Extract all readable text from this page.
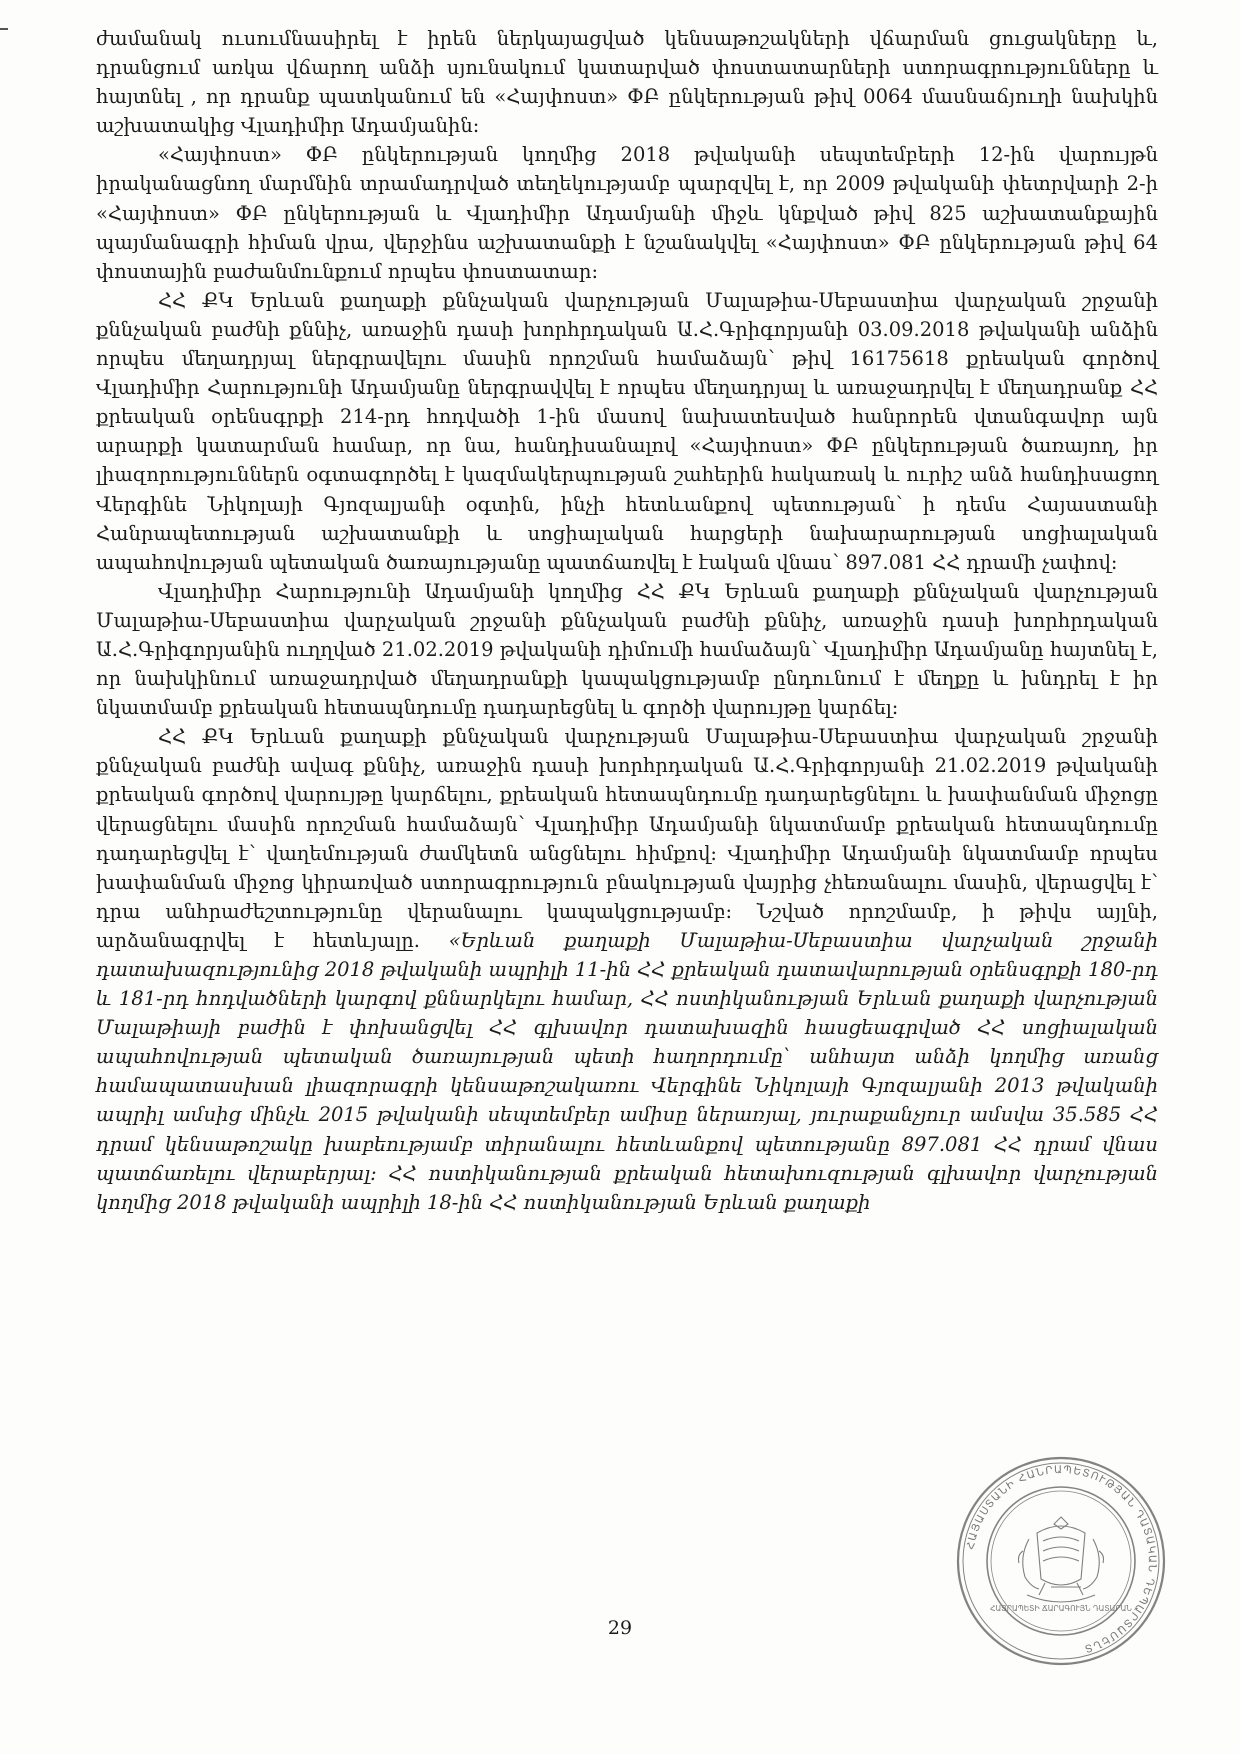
ժամանակ ուսումնասիրել է իրեն ներկայացված կենսաթոշակների վճարման ցուցակները և, դրանցում առկա վճարող անձի սյունակում կատարված փոստատարների ստորագրությունները և հայտնել , որ դրանք պատկանում են «Հայփոստ» ՓԲ ընկերության թիվ 0064 մասնաճյուղի նախկին աշխատակից Վլադիմիր Ադամյանին:

«Հայփոստ» ՓԲ ընկերության կողմից 2018 թվականի սեպտեմբերի 12-ին վարույթն իրականացնող մարմնին տրամադրված տեղեկությամբ պարզվել է, որ 2009 թվականի փետրվարի 2-ի «Հայփոստ» ՓԲ ընկերության և Վլադիմիր Ադամյանի միջև կնքված թիվ 825 աշխատանքային պայմանագրի հիման վրա, վերջինս աշխատանքի է նշանակվել «Հայփոստ» ՓԲ ընկերության թիվ 64 փոստային բաժանմունքում որպես փոստատար:

ՀՀ ՔԿ Երևան քաղաքի քննչական վարչության Մալաթիա-Սեբաստիա վարչական շրջանի քննչական բաժնի քննիչ, առաջին դասի խորհրդական Ա.Հ.Գրիգորյանի 03.09.2018 թվականի անձին որպես մեղադրյալ ներգրավելու մասին որոշման համաձայն՝ թիվ 16175618 քրեական գործով Վլադիմիր Հարությունի Ադամյանը ներգրավվել է որպես մեղադրյալ և առաջադրվել է մեղադրանք ՀՀ քրեական օրենսգրքի 214-րդ հոդվածի 1-ին մասով նախատեսված հանրորեն վտանգավոր այն արարքի կատարման համար, որ նա, հանդիսանալով «Հայփոստ» ՓԲ ընկերության ծառայող, իր լիազորություններն օգտագործել է կազմակերպության շահերին հակառակ և ուրիշ անձ հանդիսացող Վերգինե Նիկոլայի Գյոզալյանի օգտին, ինչի հետևանքով պետության՝ ի դեմս Հայաստանի Հանրապետության աշխատանքի և սոցիալական հարցերի նախարարության սոցիալական ապահովության պետական ծառայությանը պատճառվել է էական վնաս՝ 897.081 ՀՀ դրամի չափով:

Վլադիմիր Հարությունի Ադամյանի կողմից ՀՀ ՔԿ Երևան քաղաքի քննչական վարչության Մալաթիա-Սեբաստիա վարչական շրջանի քննչական բաժնի քննիչ, առաջին դասի խորհրդական Ա.Հ.Գրիգորյանին ուղղված 21.02.2019 թվականի դիմումի համաձայն՝ Վլադիմիր Ադամյանը հայտնել է, որ նախկինում առաջադրված մեղադրանքի կապակցությամբ ընդունում է մեղքը և խնդրել է իր նկատմամբ քրեական հետապնդումը դադարեցնել և գործի վարույթը կարճել:

ՀՀ ՔԿ Երևան քաղաքի քննչական վարչության Մալաթիա-Սեբաստիա վարչական շրջանի քննչական բաժնի ավագ քննիչ, առաջին դասի խորհրդական Ա.Հ.Գրիգորյանի 21.02.2019 թվականի քրեական գործով վարույթը կարճելու, քրեական հետապնդումը դադարեցնելու և խափանման միջոցը վերացնելու մասին որոշման համաձայն՝ Վլադիմիր Ադամյանի նկատմամբ քրեական հետապնդումը դադարեցվել է՝ վաղեմության ժամկետն անցնելու հիմքով: Վլադիմիր Ադամյանի նկատմամբ որպես խափանման միջոց կիրառված ստորագրություն բնակության վայրից չհեռանալու մասին, վերացվել է՝ դրա անհրաժեշտությունը վերանալու կապակցությամբ: Նշված որոշմամբ, ի թիվս այլնի, արձանագրվել է հետևյալը. «Երևան քաղաքի Մալաթիա-Սեբաստիա վարչական շրջանի դատախազությունից 2018 թվականի ապրիլի 11-ին ՀՀ քրեական դատավարության օրենսգրքի 180-րդ և 181-րդ հոդվածների կարգով քննարկելու համար, ՀՀ ոստիկանության Երևան քաղաքի վարչության Մալաթիայի բաժին է փոխանցվել ՀՀ գլխավոր դատախազին հասցեագրված ՀՀ սոցիալական ապահովության պետական ծառայության պետի հաղորդումը՝ անհայտ անձի կողմից առանց համապատասխան լիազորագրի կենսաթոշակառու Վերգինե Նիկոլայի Գյոզալյանի 2013 թվականի ապրիլ ամսից մինչև 2015 թվականի սեպտեմբեր ամիսը ներառյալ, յուրաքանչյուր ամսվա 35.585 ՀՀ դրամ կենսաթոշակը խաբեությամբ տիրանալու հետևանքով պետությանը 897.081 ՀՀ դրամ վնաս պատճառելու վերաբերյալ: ՀՀ ոստիկանության քրեական հետախուզության գլխավոր վարչության կողմից 2018 թվականի ապրիլի 18-ին ՀՀ ոստիկանության Երևան քաղաքի

29
ՀԱՅԱՍՏԱՆԻ ՀԱՆՐԱՊԵՏՈՒԹՅԱՆ ԴԱՏԱԿԱՆ ԴԵՊԱՐՏԱՄԵՆՏ
ՀԱՅՐԱՊԵՏԻ ՃԱՐԱԳՈՒՅՆ ԴԱՏԱՐԱՆ
